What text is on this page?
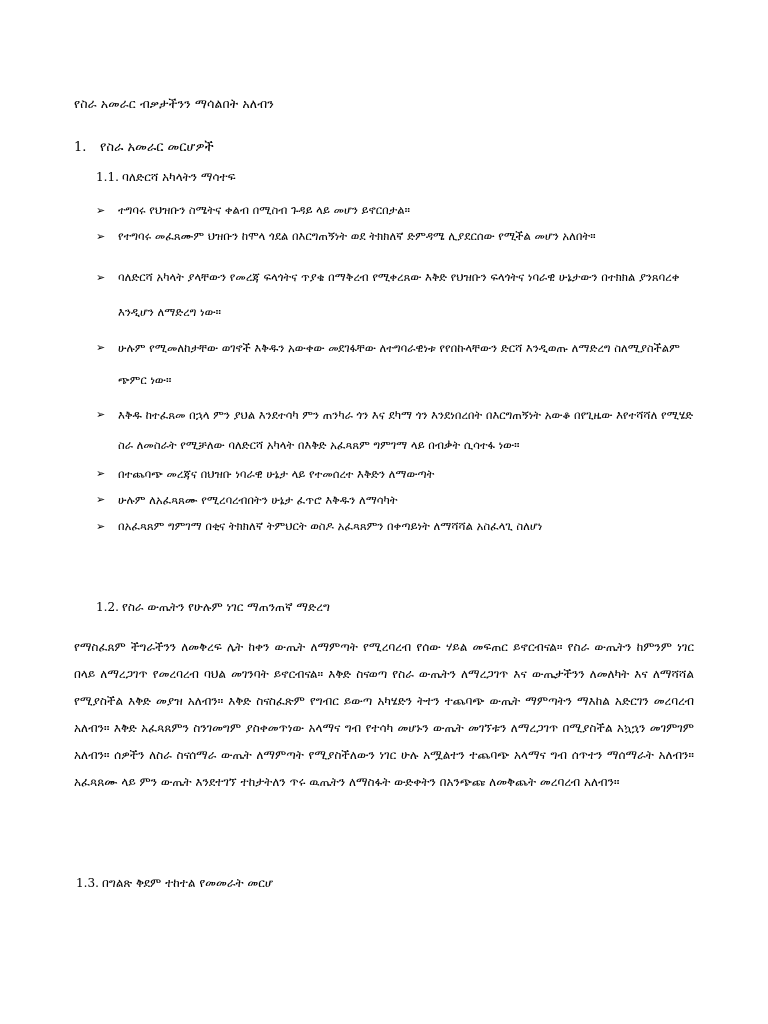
የስራ አመራር ብቃታችንን ማሳልበት አለብን
1. የስራ አመራር መርሆዎች
1.1. ባለድርሻ አካላትን ማሳተፍ
➢ ተግባሩ የህዝቡን ስሜትና ቀልብ በሚስብ ጉዳይ ላይ መሆን ይኖርበታል።
➢ የተግባሩ መፈጸሙም ህዝቡን ከሞላ ጎደል በእርግጠኝነት ወደ ትክክለኛ ድምዳሜ ሊያደርሰው የሚችል መሆን አለበት።
➢ ባለድርሻ አካላት ያላቸውን የመረጃ ፍላጎትና ጥያቄ በማቅረብ የሚቀረጸው እቅድ የህዝቡን ፍላጎትና ነባራዊ ሁኔታውን በተክክል ያንጸባረቀ እንዲሆን ለማድረግ ነው።
➢ ሁሉም የሚመለከታቸው ወገኖች እቅዱን አውቀው መደገፋቸው ለተግባራዊነቱ የየበኩላቸውን ድርሻ እንዲወጡ ለማድረግ ስለሚያስችልም ጭምር ነው።
➢ እቅዱ ከተፈጸመ በኋላ ምን ያህል እንደተሳካ ምን ጠንካራ ጎን እና ደካማ ጎን እንደነበረበት በእርግጠኝነት አውቆ በየጊዜው እየተሻሻለ የሚሄድ ስራ ለመስራት የሚቻለው ባለድርሻ አካላት በእቅድ አፈጻጸም ግምገማ ላይ በብቃት ሲሳተፋ ነው።
➢ በተጨባጭ መረጃና በህዝቡ ነባራዊ ሁኔታ ላይ የተመሰረተ እቅድን ለማውጣት
➢ ሁሉም ለአፈጻጸሙ የሚረባረብበትን ሁኔታ ፈጥሮ እቅዱን ለማሳካት
➢ በአፈጻጸም ግምገማ በቂና ትክክለኛ ትምህርት ወስዶ አፈጻጸምን በቀጣይነት ለማሻሻል አስፈላጊ ስለሆነ
1.2. የስራ ውጤትን የሁሉም ነገር ማጠንጠኛ ማድረግ

የማስፈጸም ችግራችንን ለመቅረፍ ሌት ከቀን ውጤት ለማምጣት የሚረባረብ የሰው ሃይል መፍጠር ይኖርብናል። የስራ ውጤትን ከምንም ነገር በላይ ለማረጋገጥ የመረባረብ ባህል መገንባት ይኖርብናል። እቅድ ስናወጣ የስራ ውጤትን ለማረጋገጥ እና ውጤታችንን ለመለካት እና ለማሻሻል የሚያስችል እቅድ መያዝ አለብን። እቅድ ስናስፈጽም የግብር ይውጣ አካሄድን ትተን ተጨባጭ ውጤት ማምጣትን ማእከል አድርገን መረባረብ አለብን። እቅድ አፈጻጸምን ስንገመግም ያስቀመጥነው አላማና ግብ የተሳካ መሆኑን ውጤት መገኘቱን ለማረጋገጥ በሚያስችል አኳኋን መገምገም አለብን። ሰዎችን ለስራ ስናሰማራ ውጤት ለማምጣት የሚያስችለውን ነገር ሁሉ አሟልተን ተጨባጭ አላማና ግብ ሰጥተን ማሰማራት አለብን። አፈጻጸሙ ላይ ምን ውጤት እንደተገኘ ተከታትለን ጥሩ ዉጤትን ለማስፋት ውድቀትን በአንጭጩ ለመቅጨት መረባረብ አለብን።

1.3. በግልጽ ቅደም ተከተል የመመራት መርሆ
